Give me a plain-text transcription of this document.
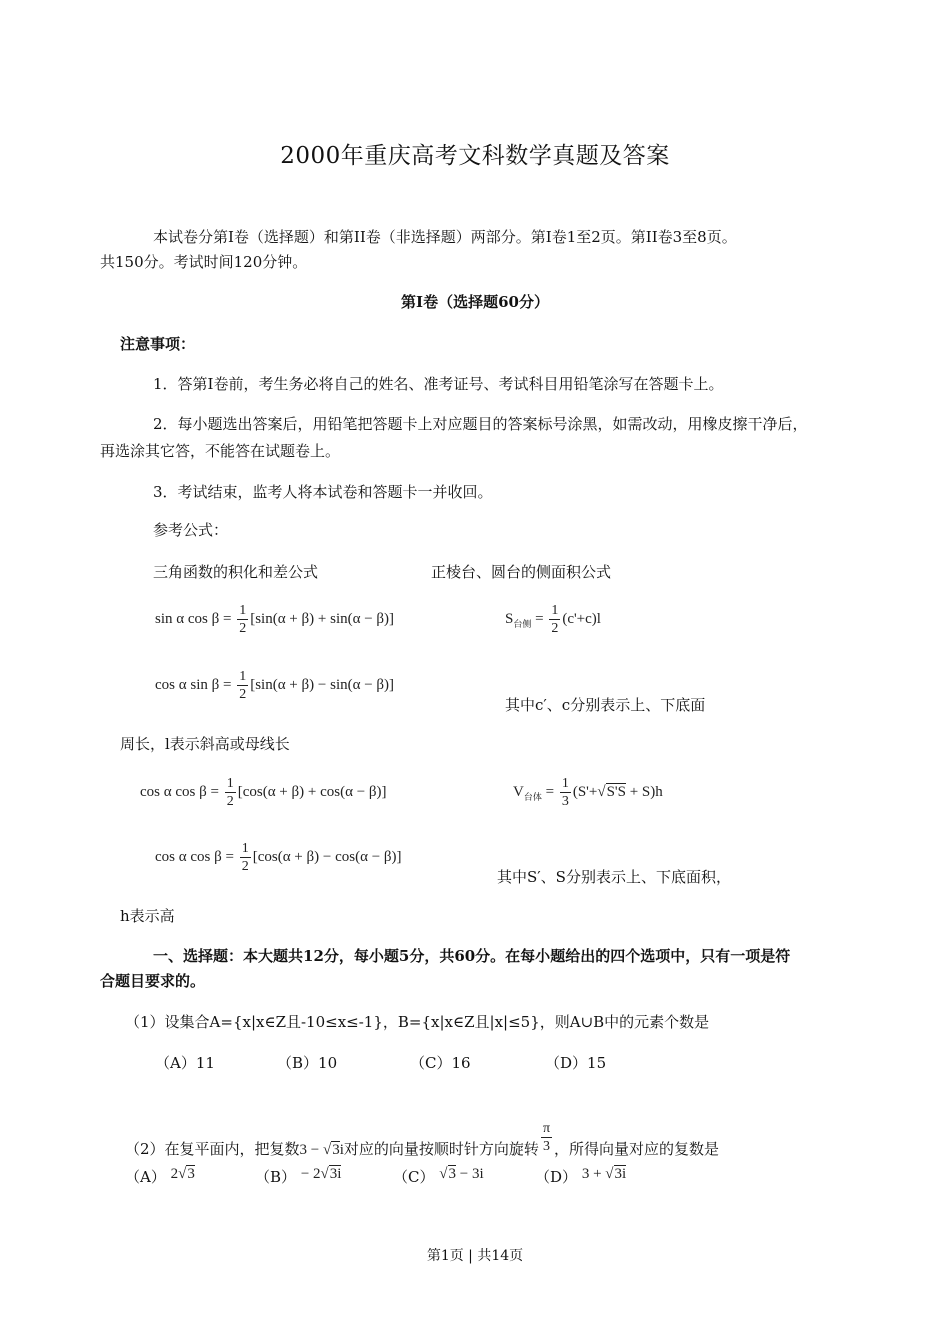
2000年重庆高考文科数学真题及答案
本试卷分第Ⅰ卷（选择题）和第II卷（非选择题）两部分。第Ⅰ卷1至2页。第II卷3至8页。
共150分。考试时间120分钟。
第Ⅰ卷（选择题60分）
注意事项：
1．答第Ⅰ卷前，考生务必将自己的姓名、准考证号、考试科目用铅笔涂写在答题卡上。
2．每小题选出答案后，用铅笔把答题卡上对应题目的答案标号涂黑，如需改动，用橡皮擦干净后，
再选涂其它答，不能答在试题卷上。
3．考试结束，监考人将本试卷和答题卡一并收回。
参考公式：
三角函数的积化和差公式	正棱台、圆台的侧面积公式
sin α $\cos \beta = \frac{1}{2} [\sin(\alpha + \beta) + \sin(\alpha - \beta)]$	$S_{台侧} = \frac{1}{2} (c'+c)l$
cos α $\sin \beta = \frac{1}{2} [\sin(\alpha + \beta) - \sin(\alpha - \beta)]$
其中c′、c分别表示上、下底面
周长，l表示斜高或母线长
cos α $\cos \beta = \frac{1}{2} [\cos(\alpha + \beta) + \cos(\alpha - \beta)]$	$V_{台体} = \frac{1}{3} (S'+√S'S + S)h$
cos α $\cos \beta = \frac{1}{2} [\cos(\alpha + \beta) - \cos(\alpha - \beta)]$
其中S′、S分别表示上、下底面积，
h表示高
一、选择题：本大题共12分，每小题5分，共60分。在每小题给出的四个选项中，只有一项是符
合题目要求的。
（1）设集合A={x|x∈Z且-10≤x≤-1}，B={x|x∈Z且|x|≤5}，则A∪B中的元素个数是
（A）11	（B）10	（C）16	（D）15
（2）在复平面内，把复数3 − √3i对应的向量按顺时针方向旋转 $\frac{\pi}{3}$ ，所得向量对应的复数是
（A） 2√3	（B） − 2√3i	（C） √3 − 3i	（D） 3 + √3i
第1页 | 共14页
